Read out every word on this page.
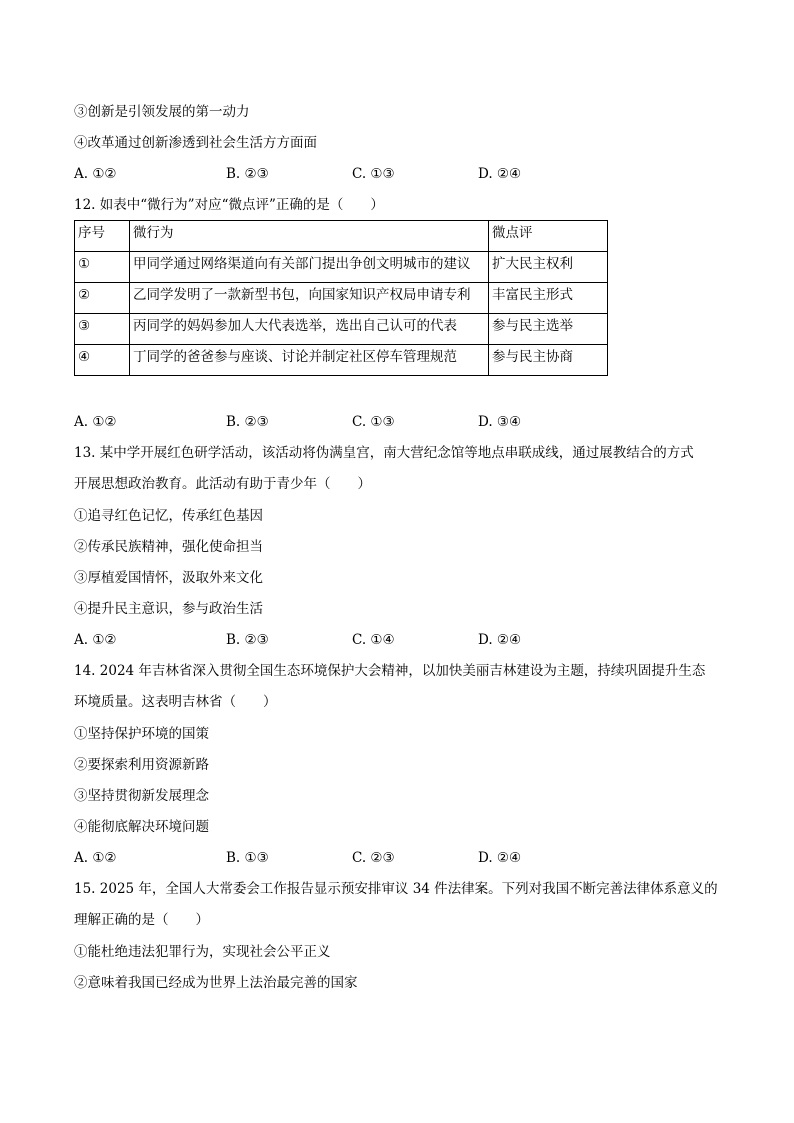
③创新是引领发展的第一动力
④改革通过创新渗透到社会生活方方面面
A. ①②	B. ②③	C. ①③	D. ②④
12. 如表中“微行为”对应“微点评”正确的是（　　）
序号	微行为	微点评
①	甲同学通过网络渠道向有关部门提出争创文明城市的建议	扩大民主权利
②	乙同学发明了一款新型书包，向国家知识产权局申请专利	丰富民主形式
③	丙同学的妈妈参加人大代表选举，选出自己认可的代表	参与民主选举
④	丁同学的爸爸参与座谈、讨论并制定社区停车管理规范	参与民主协商
A. ①②	B. ②③	C. ①③	D. ③④
13. 某中学开展红色研学活动，该活动将伪满皇宫，南大营纪念馆等地点串联成线，通过展教结合的方式
开展思想政治教育。此活动有助于青少年（　　）
①追寻红色记忆，传承红色基因
②传承民族精神，强化使命担当
③厚植爱国情怀，汲取外来文化
④提升民主意识，参与政治生活
A. ①②	B. ②③	C. ①④	D. ②④
14. 2024 年吉林省深入贯彻全国生态环境保护大会精神，以加快美丽吉林建设为主题，持续巩固提升生态
环境质量。这表明吉林省（　　）
①坚持保护环境的国策
②要探索利用资源新路
③坚持贯彻新发展理念
④能彻底解决环境问题
A. ①②	B. ①③	C. ②③	D. ②④
15. 2025 年，全国人大常委会工作报告显示预安排审议 34 件法律案。下列对我国不断完善法律体系意义的
理解正确的是（　　）
①能杜绝违法犯罪行为，实现社会公平正义
②意味着我国已经成为世界上法治最完善的国家
